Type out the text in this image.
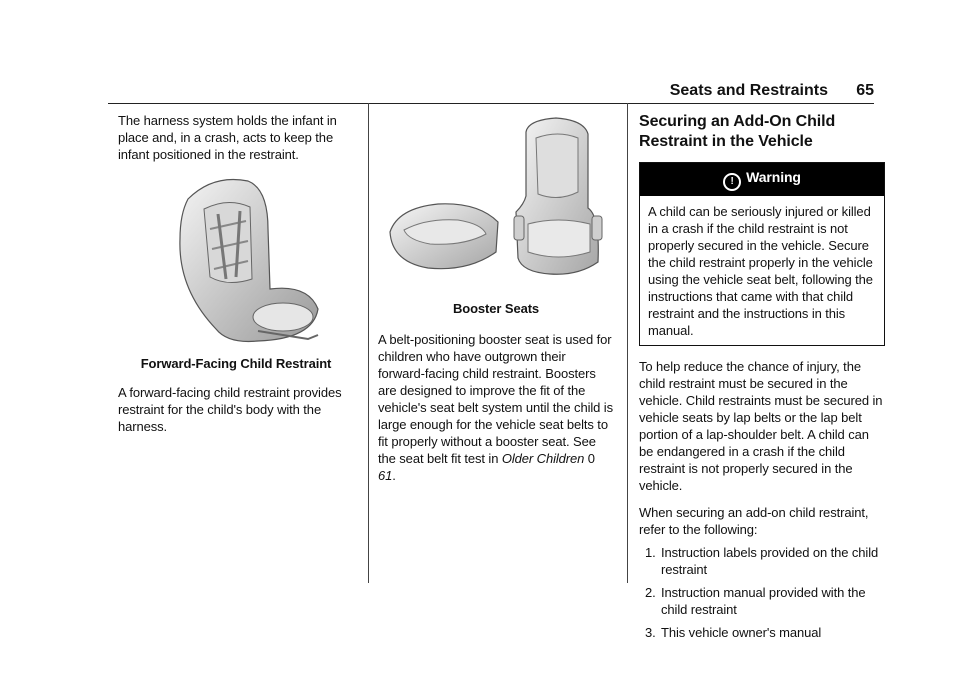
Seats and Restraints 65

The harness system holds the infant in place and, in a crash, acts to keep the infant positioned in the restraint.

Forward-Facing Child Restraint

A forward-facing child restraint provides restraint for the child's body with the harness.

Booster Seats

A belt-positioning booster seat is used for children who have outgrown their forward-facing child restraint. Boosters are designed to improve the fit of the vehicle's seat belt system until the child is large enough for the vehicle seat belts to fit properly without a booster seat. See the seat belt fit test in Older Children 0 61.

Securing an Add-On Child Restraint in the Vehicle
! Warning
A child can be seriously injured or killed in a crash if the child restraint is not properly secured in the vehicle. Secure the child restraint properly in the vehicle using the vehicle seat belt, following the instructions that came with that child restraint and the instructions in this manual.

To help reduce the chance of injury, the child restraint must be secured in the vehicle. Child restraints must be secured in vehicle seats by lap belts or the lap belt portion of a lap-shoulder belt. A child can be endangered in a crash if the child restraint is not properly secured in the vehicle.

When securing an add-on child restraint, refer to the following:

1. Instruction labels provided on the child restraint
2. Instruction manual provided with the child restraint
3. This vehicle owner's manual
